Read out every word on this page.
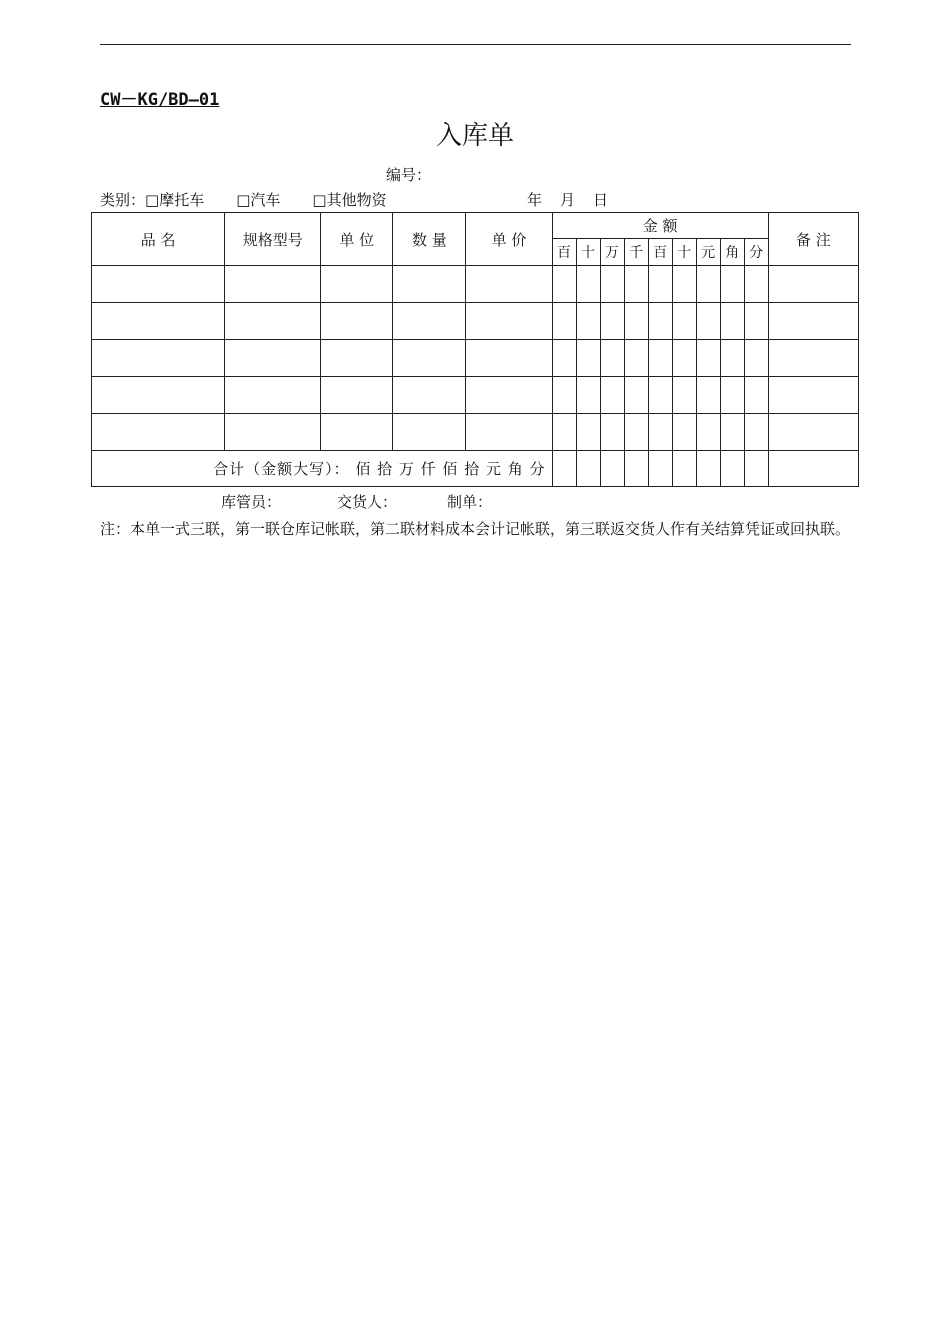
CW－KG/BD—01
入库单
编号：
类别：□摩托车 □汽车 □其他物资	年 月 日
品 名	规格型号	单 位	数 量	单 价	金 额									备 注
					百	十	万	千	百	十	元	角	分	

合计（金额大写）： 佰 拾 万 仟 佰 拾 元 角 分														
库管员：	交货人：	制单：
注：本单一式三联，第一联仓库记帐联，第二联材料成本会计记帐联，第三联返交货人作有关结算凭证或回执联。
